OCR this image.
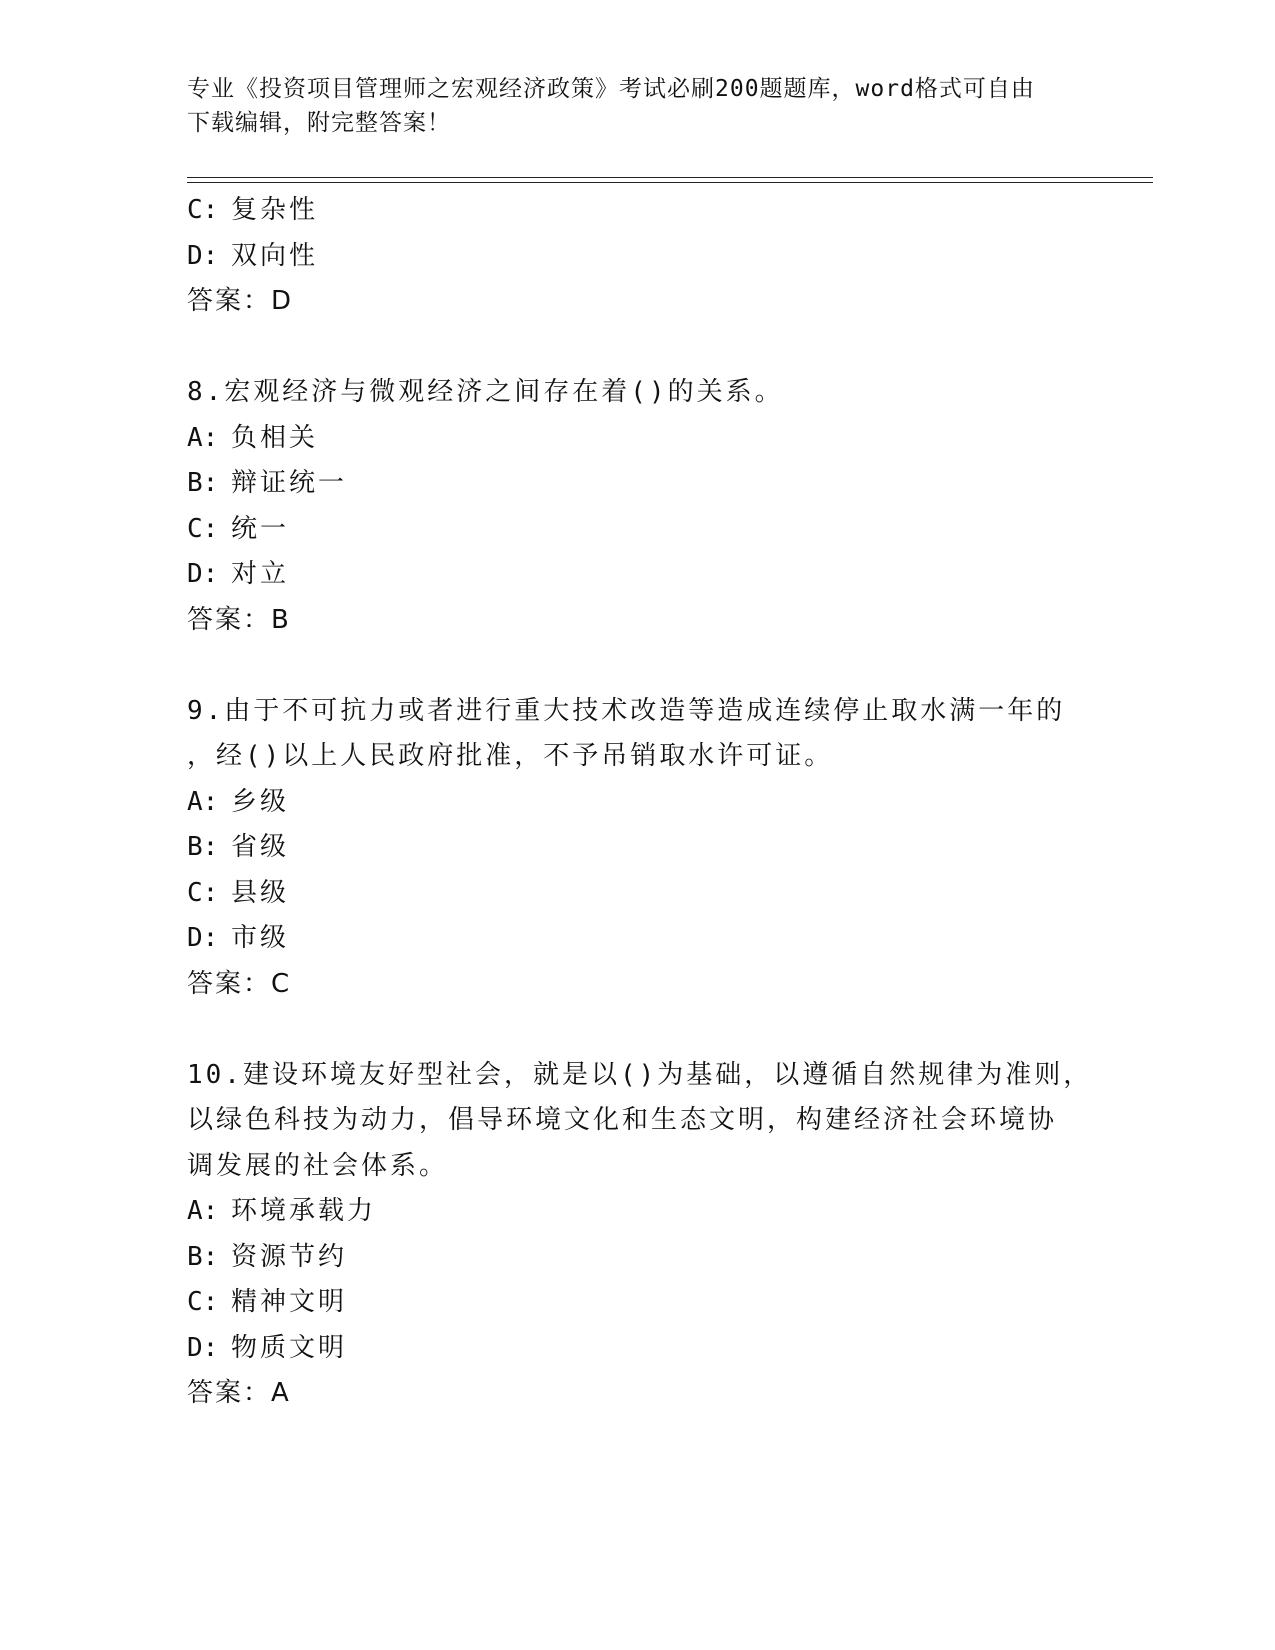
专业《投资项目管理师之宏观经济政策》考试必刷200题题库，word格式可自由
下载编辑，附完整答案！
C: 复杂性
D: 双向性
答案：D
8.宏观经济与微观经济之间存在着()的关系。
A: 负相关
B: 辩证统一
C: 统一
D: 对立
答案：B
9.由于不可抗力或者进行重大技术改造等造成连续停止取水满一年的
，经()以上人民政府批准，不予吊销取水许可证。
A: 乡级
B: 省级
C: 县级
D: 市级
答案：C
10.建设环境友好型社会，就是以()为基础，以遵循自然规律为准则，
以绿色科技为动力，倡导环境文化和生态文明，构建经济社会环境协
调发展的社会体系。
A: 环境承载力
B: 资源节约
C: 精神文明
D: 物质文明
答案：A
